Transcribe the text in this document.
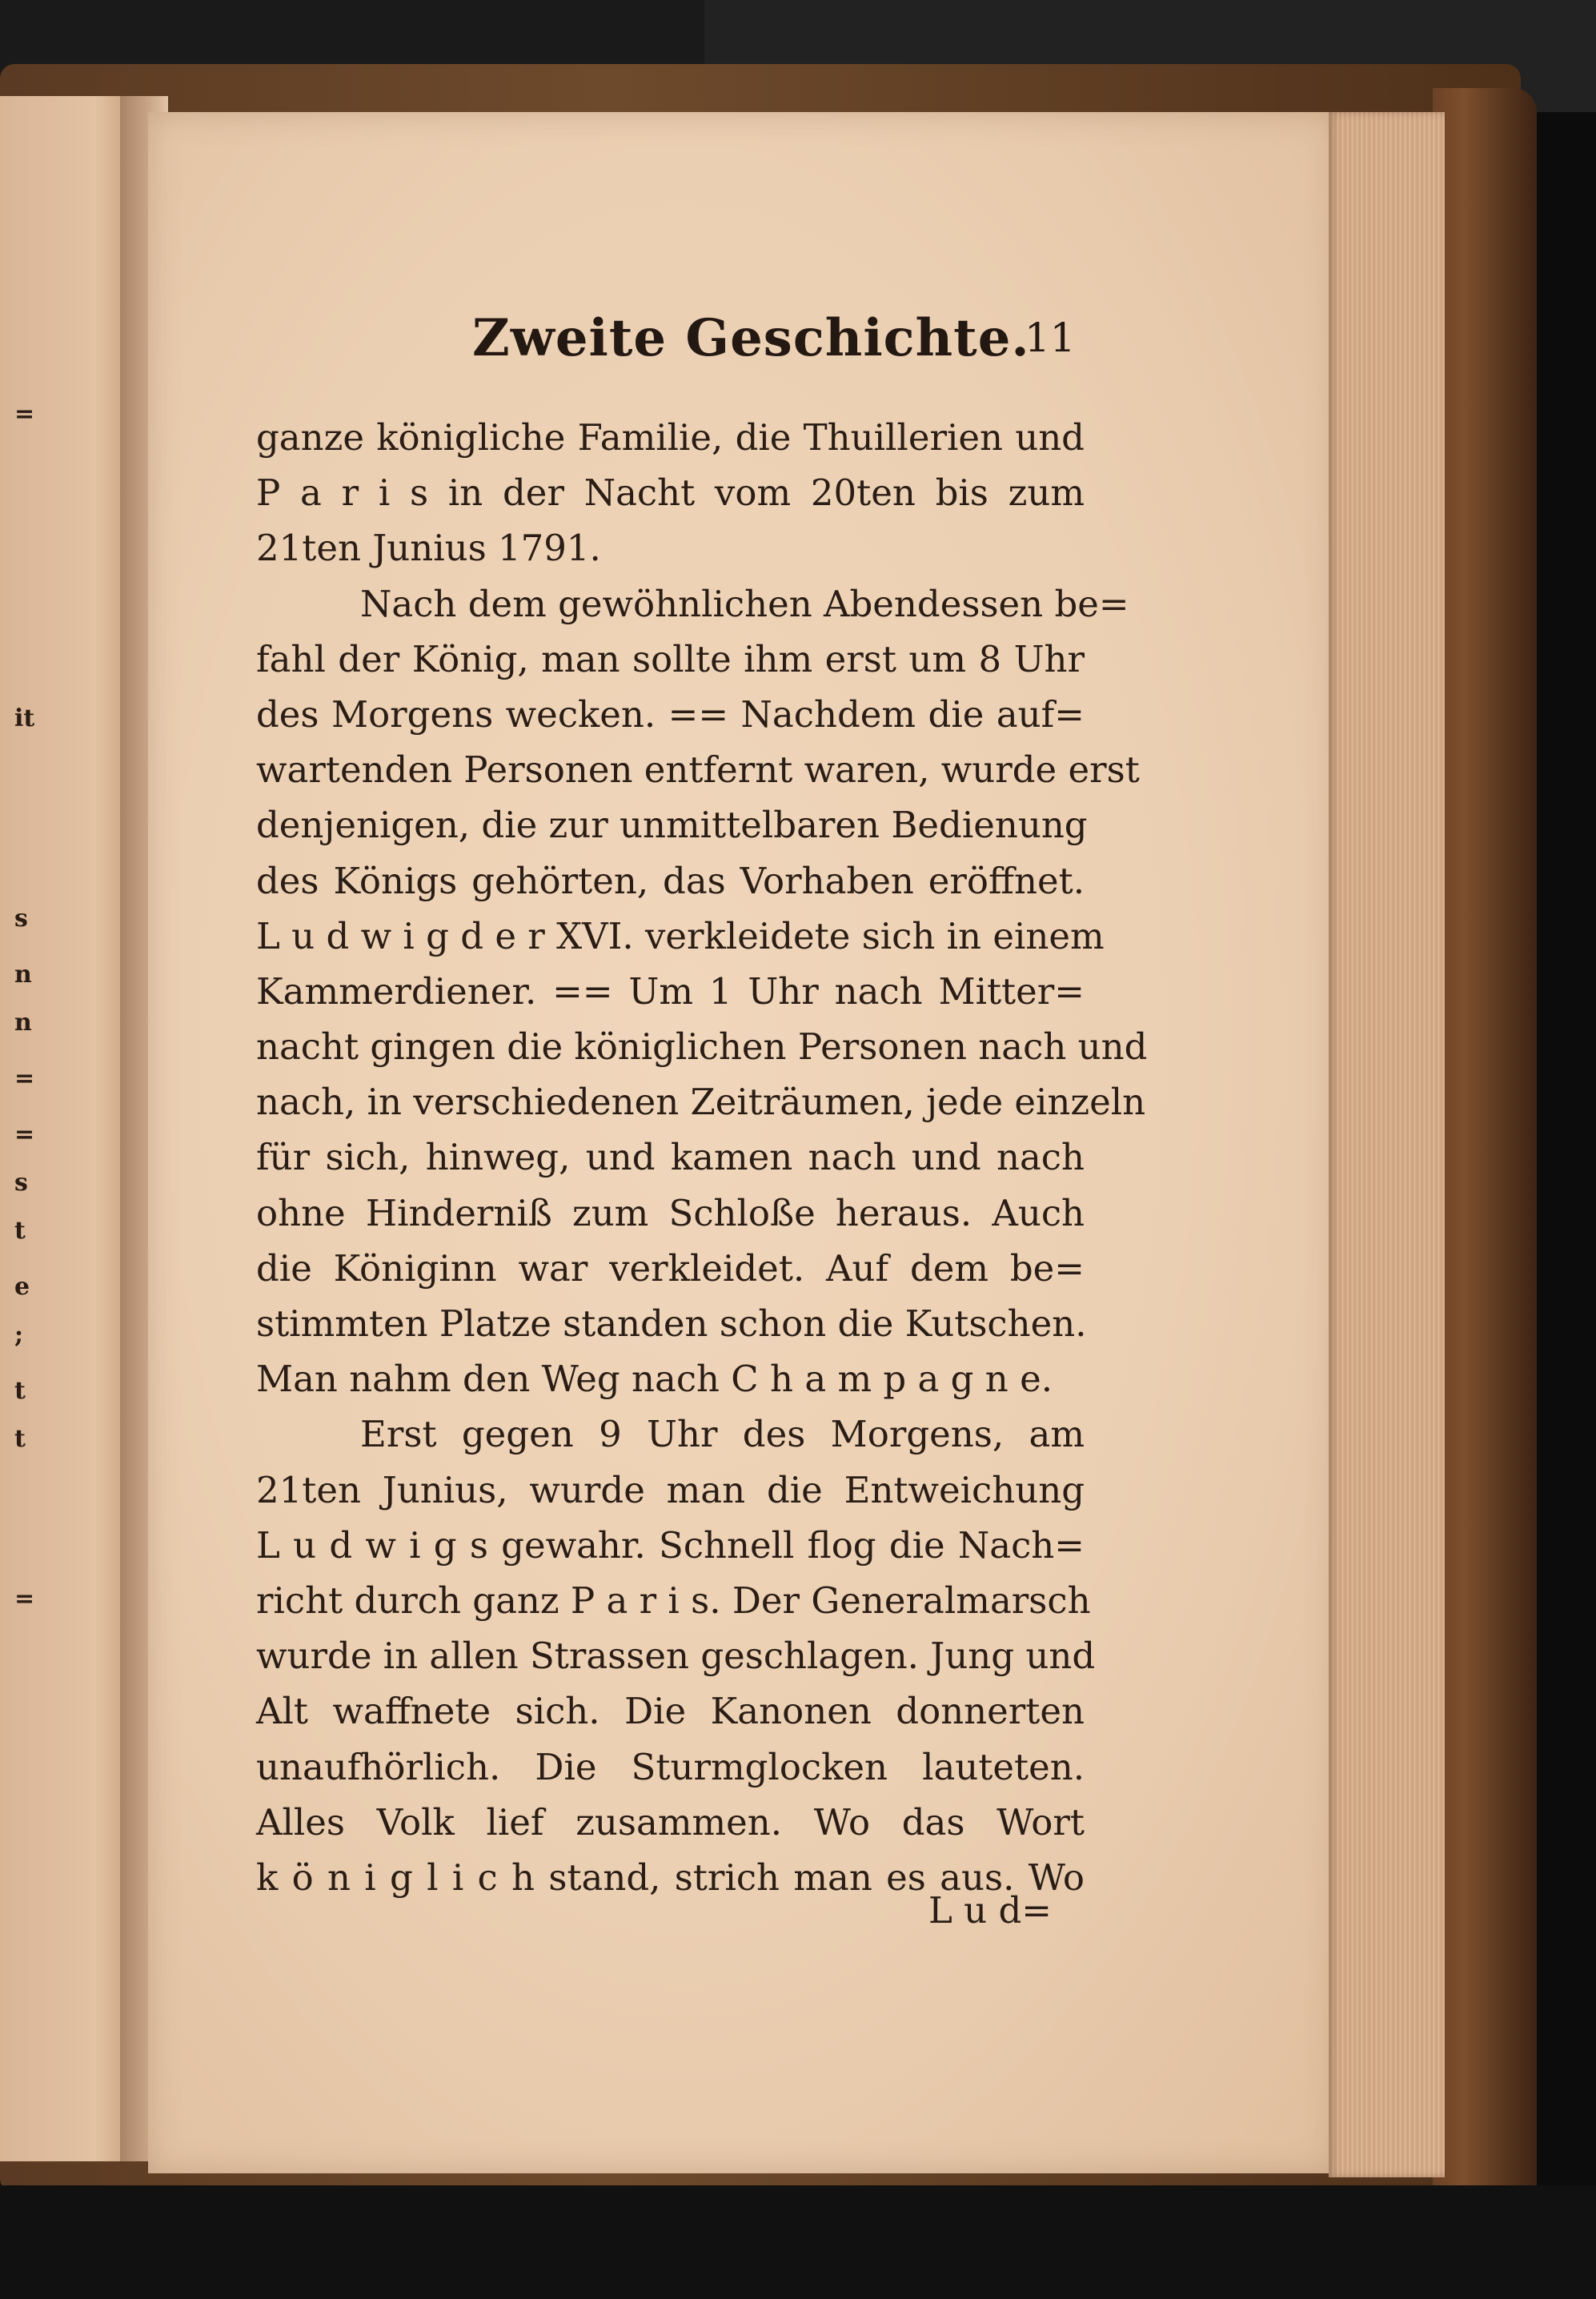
=
it
s
n
n
=
=
s
t
e
;
t
t
=
Zweite Geschichte.
11
ganze königliche Familie, die Thuillerien und
P a r i s in der Nacht vom 20ten bis zum
21ten Junius 1791.
Nach dem gewöhnlichen Abendessen be=
fahl der König, man sollte ihm erst um 8 Uhr
des Morgens wecken. == Nachdem die auf=
wartenden Personen entfernt waren, wurde erst
denjenigen, die zur unmittelbaren Bedienung
des Königs gehörten, das Vorhaben eröffnet.
L u d w i g d e r XVI. verkleidete sich in einem
Kammerdiener. == Um 1 Uhr nach Mitter=
nacht gingen die königlichen Personen nach und
nach, in verschiedenen Zeiträumen, jede einzeln
für sich, hinweg, und kamen nach und nach
ohne Hinderniß zum Schloße heraus. Auch
die Königinn war verkleidet. Auf dem be=
stimmten Platze standen schon die Kutschen.
Man nahm den Weg nach C h a m p a g n e.
Erst gegen 9 Uhr des Morgens, am
21ten Junius, wurde man die Entweichung
L u d w i g s gewahr. Schnell flog die Nach=
richt durch ganz P a r i s. Der Generalmarsch
wurde in allen Strassen geschlagen. Jung und
Alt waffnete sich. Die Kanonen donnerten
unaufhörlich. Die Sturmglocken lauteten.
Alles Volk lief zusammen. Wo das Wort
k ö n i g l i c h stand, strich man es aus. Wo
L u d=
